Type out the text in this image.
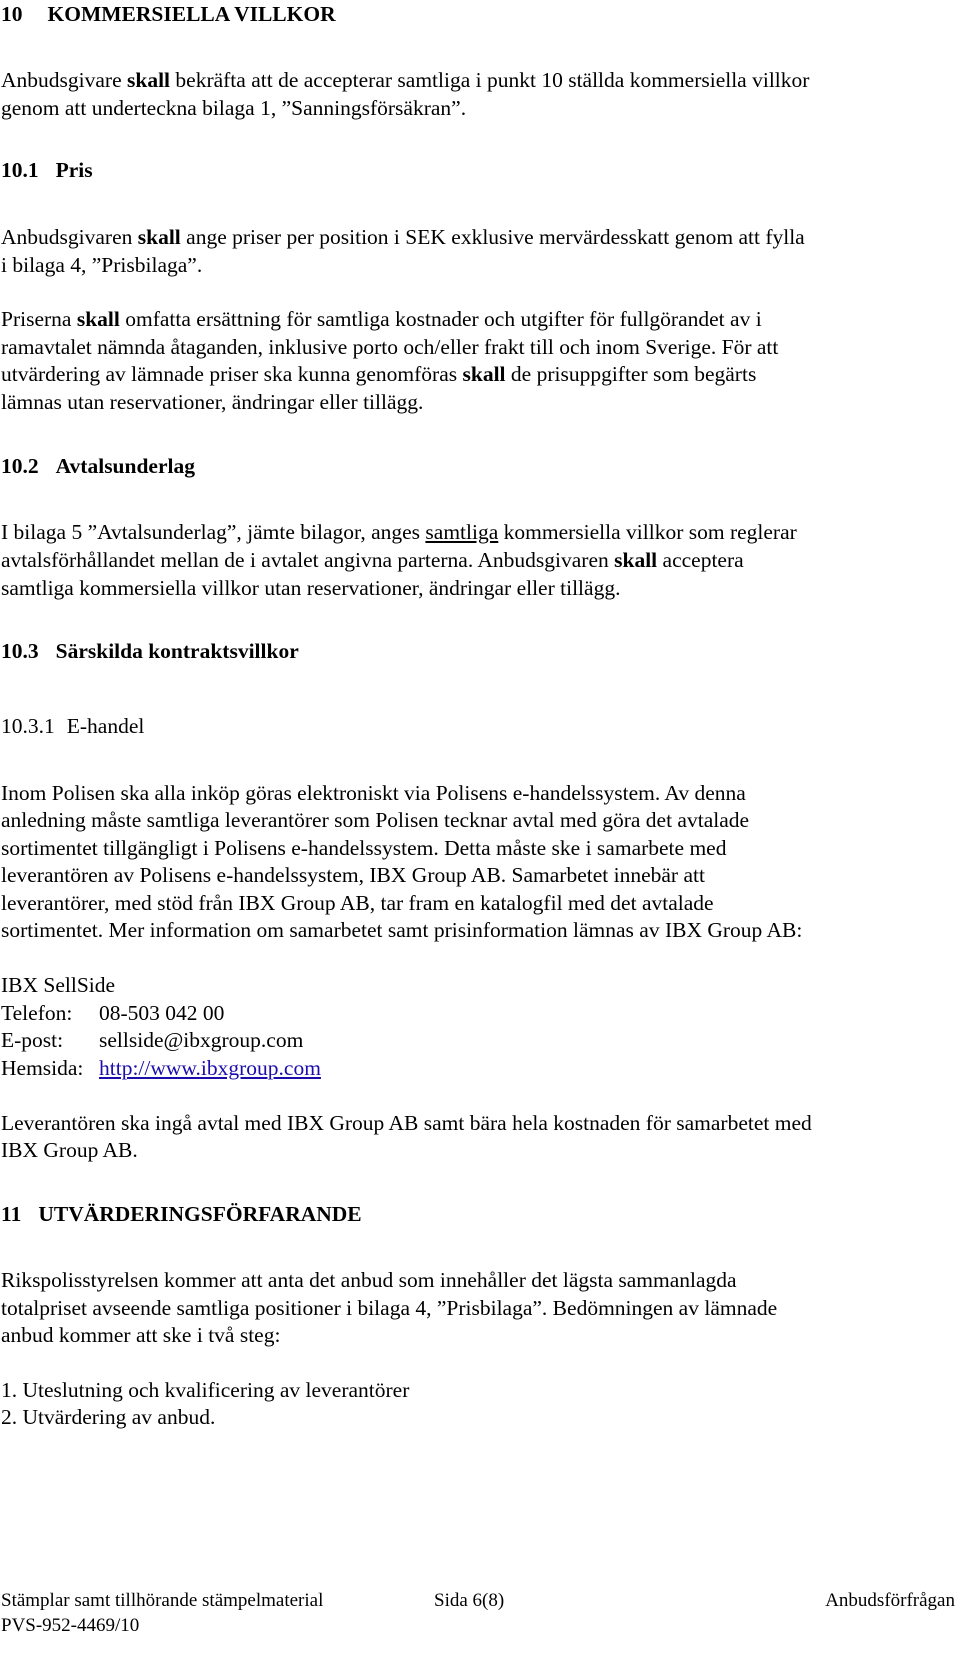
10 KOMMERSIELLA VILLKOR
Anbudsgivare skall bekräfta att de accepterar samtliga i punkt 10 ställda kommersiella villkor
genom att underteckna bilaga 1, ”Sanningsförsäkran”.
10.1 Pris
Anbudsgivaren skall ange priser per position i SEK exklusive mervärdesskatt genom att fylla
i bilaga 4, ”Prisbilaga”.
Priserna skall omfatta ersättning för samtliga kostnader och utgifter för fullgörandet av i
ramavtalet nämnda åtaganden, inklusive porto och/eller frakt till och inom Sverige. För att
utvärdering av lämnade priser ska kunna genomföras skall de prisuppgifter som begärts
lämnas utan reservationer, ändringar eller tillägg.
10.2 Avtalsunderlag
I bilaga 5 ”Avtalsunderlag”, jämte bilagor, anges samtliga kommersiella villkor som reglerar
avtalsförhållandet mellan de i avtalet angivna parterna. Anbudsgivaren skall acceptera
samtliga kommersiella villkor utan reservationer, ändringar eller tillägg.
10.3 Särskilda kontraktsvillkor
10.3.1 E-handel
Inom Polisen ska alla inköp göras elektroniskt via Polisens e-handelssystem. Av denna
anledning måste samtliga leverantörer som Polisen tecknar avtal med göra det avtalade
sortimentet tillgängligt i Polisens e-handelssystem. Detta måste ske i samarbete med
leverantören av Polisens e-handelssystem, IBX Group AB. Samarbetet innebär att
leverantörer, med stöd från IBX Group AB, tar fram en katalogfil med det avtalade
sortimentet. Mer information om samarbetet samt prisinformation lämnas av IBX Group AB:
IBX SellSide
Telefon: 08-503 042 00
E-post: sellside@ibxgroup.com
Hemsida: http://www.ibxgroup.com
Leverantören ska ingå avtal med IBX Group AB samt bära hela kostnaden för samarbetet med
IBX Group AB.
11 UTVÄRDERINGSFÖRFARANDE
Rikspolisstyrelsen kommer att anta det anbud som innehåller det lägsta sammanlagda
totalpriset avseende samtliga positioner i bilaga 4, ”Prisbilaga”. Bedömningen av lämnade
anbud kommer att ske i två steg:
1. Uteslutning och kvalificering av leverantörer
2. Utvärdering av anbud.
Stämplar samt tillhörande stämpelmaterial	Sida 6(8)	Anbudsförfrågan
PVS-952-4469/10
